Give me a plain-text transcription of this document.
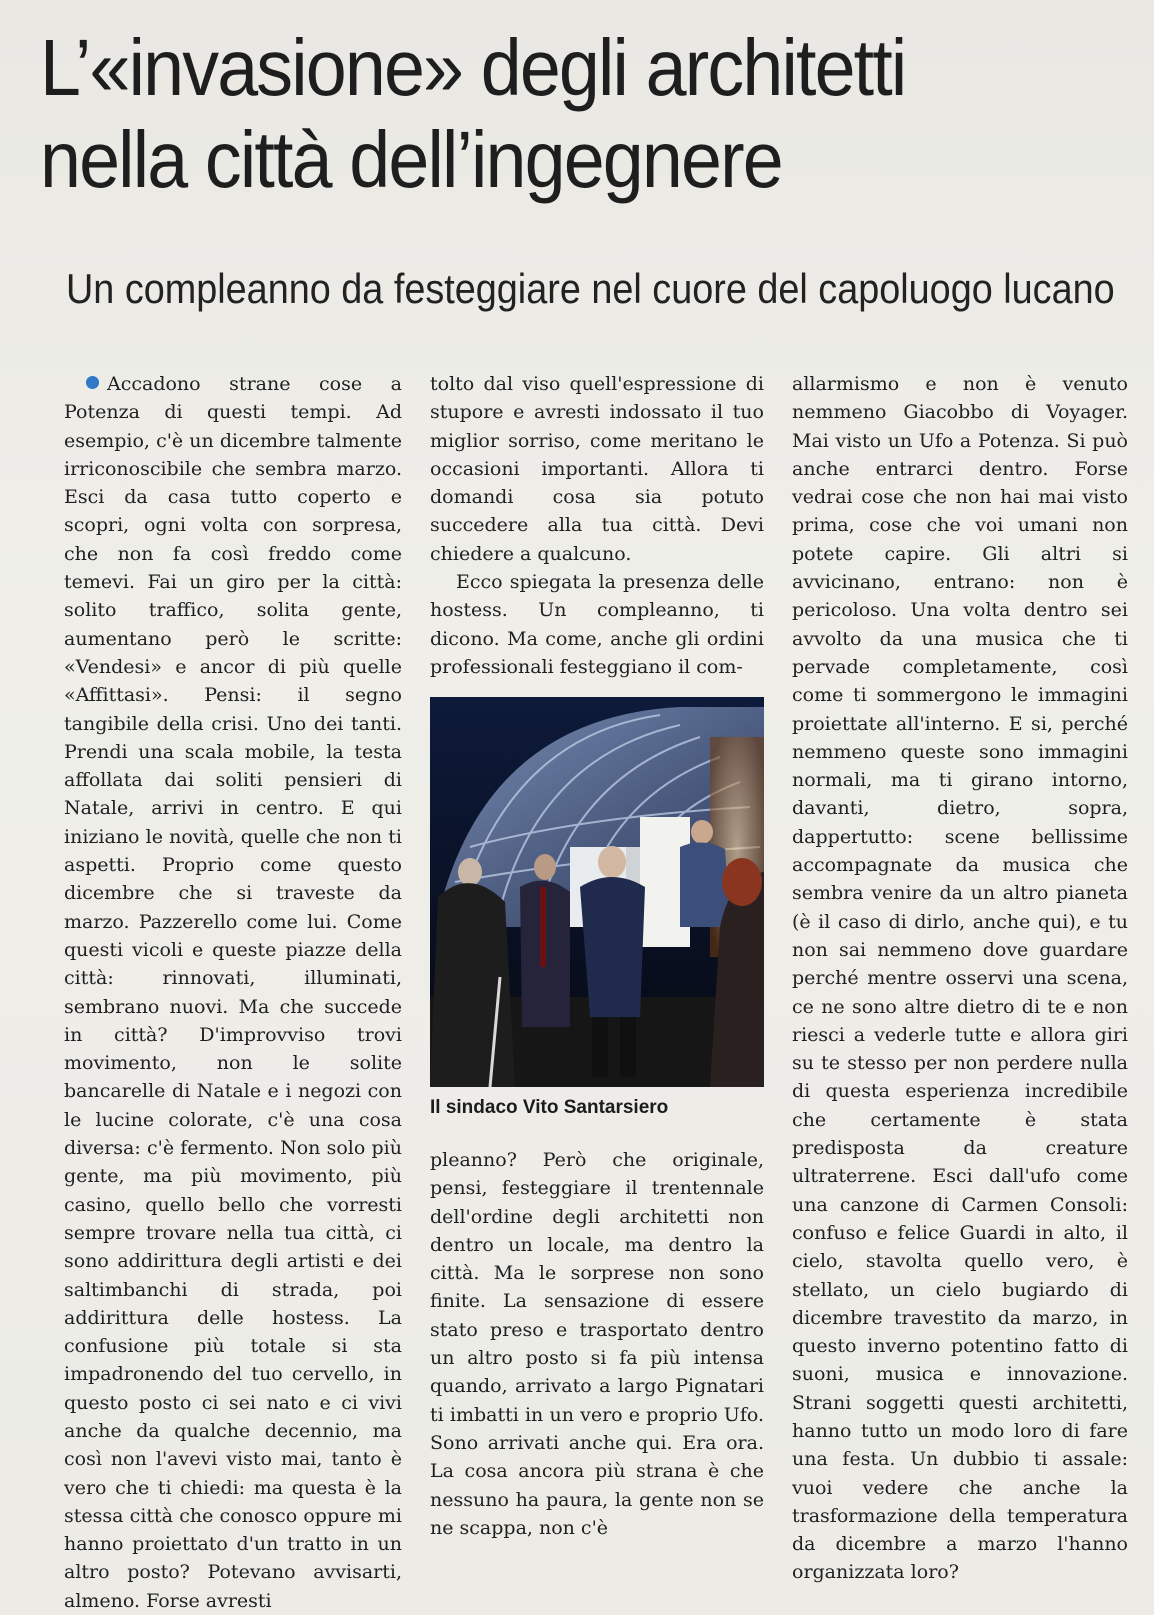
L’«invasione» degli architetti
nella città dell’ingegnere
Un compleanno da festeggiare nel cuore del capoluogo lucano

Accadono strane cose a Potenza di questi tempi. Ad esempio, c'è un dicembre talmente irriconoscibile che sembra marzo. Esci da casa tutto coperto e scopri, ogni volta con sorpresa, che non fa così freddo come temevi. Fai un giro per la città: solito traffico, solita gente, aumentano però le scritte: «Vendesi» e ancor di più quelle «Affittasi». Pensi: il segno tangibile della crisi. Uno dei tanti. Prendi una scala mobile, la testa affollata dai soliti pensieri di Natale, arrivi in centro. E qui iniziano le novità, quelle che non ti aspetti. Proprio come questo dicembre che si traveste da marzo. Pazzerello come lui. Come questi vicoli e queste piazze della città: rinnovati, illuminati, sembrano nuovi. Ma che succede in città? D'improvviso trovi movimento, non le solite bancarelle di Natale e i negozi con le lucine colorate, c'è una cosa diversa: c'è fermento. Non solo più gente, ma più movimento, più casino, quello bello che vorresti sempre trovare nella tua città, ci sono addirittura degli artisti e dei saltimbanchi di strada, poi addirittura delle hostess. La confusione più totale si sta impadronendo del tuo cervello, in questo posto ci sei nato e ci vivi anche da qualche decennio, ma così non l'avevi visto mai, tanto è vero che ti chiedi: ma questa è la stessa città che conosco oppure mi hanno proiettato d'un tratto in un altro posto? Potevano avvisarti, almeno. Forse avresti

tolto dal viso quell'espressione di stupore e avresti indossato il tuo miglior sorriso, come meritano le occasioni importanti. Allora ti domandi cosa sia potuto succedere alla tua città. Devi chiedere a qualcuno.

Ecco spiegata la presenza delle hostess. Un compleanno, ti dicono. Ma come, anche gli ordini professionali festeggiano il com-

Il sindaco Vito Santarsiero

pleanno? Però che originale, pensi, festeggiare il trentennale dell'ordine degli architetti non dentro un locale, ma dentro la città. Ma le sorprese non sono finite. La sensazione di essere stato preso e trasportato dentro un altro posto si fa più intensa quando, arrivato a largo Pignatari ti imbatti in un vero e proprio Ufo. Sono arrivati anche qui. Era ora. La cosa ancora più strana è che nessuno ha paura, la gente non se ne scappa, non c'è

allarmismo e non è venuto nemmeno Giacobbo di Voyager. Mai visto un Ufo a Potenza. Si può anche entrarci dentro. Forse vedrai cose che non hai mai visto prima, cose che voi umani non potete capire. Gli altri si avvicinano, entrano: non è pericoloso. Una volta dentro sei avvolto da una musica che ti pervade completamente, così come ti sommergono le immagini proiettate all'interno. E si, perché nemmeno queste sono immagini normali, ma ti girano intorno, davanti, dietro, sopra, dappertutto: scene bellissime accompagnate da musica che sembra venire da un altro pianeta (è il caso di dirlo, anche qui), e tu non sai nemmeno dove guardare perché mentre osservi una scena, ce ne sono altre dietro di te e non riesci a vederle tutte e allora giri su te stesso per non perdere nulla di questa esperienza incredibile che certamente è stata predisposta da creature ultraterrene. Esci dall'ufo come una canzone di Carmen Consoli: confuso e felice Guardi in alto, il cielo, stavolta quello vero, è stellato, un cielo bugiardo di dicembre travestito da marzo, in questo inverno potentino fatto di suoni, musica e innovazione. Strani soggetti questi architetti, hanno tutto un modo loro di fare una festa. Un dubbio ti assale: vuoi vedere che anche la trasformazione della temperatura da dicembre a marzo l'hanno organizzata loro?
